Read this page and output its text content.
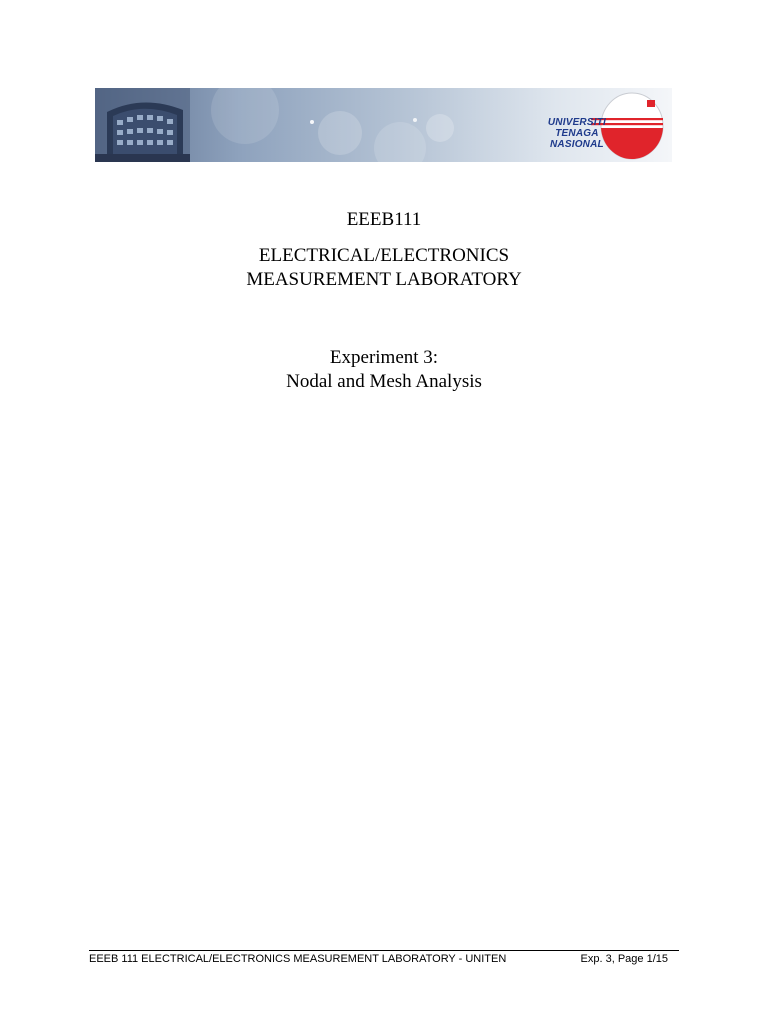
UNIVERSITI
TENAGA
NASIONAL
EEEB111
ELECTRICAL/ELECTRONICS
MEASUREMENT LABORATORY
Experiment 3:
Nodal and Mesh Analysis
EEEB 111 ELECTRICAL/ELECTRONICS MEASUREMENT LABORATORY - UNITEN	Exp. 3, Page 1/15
